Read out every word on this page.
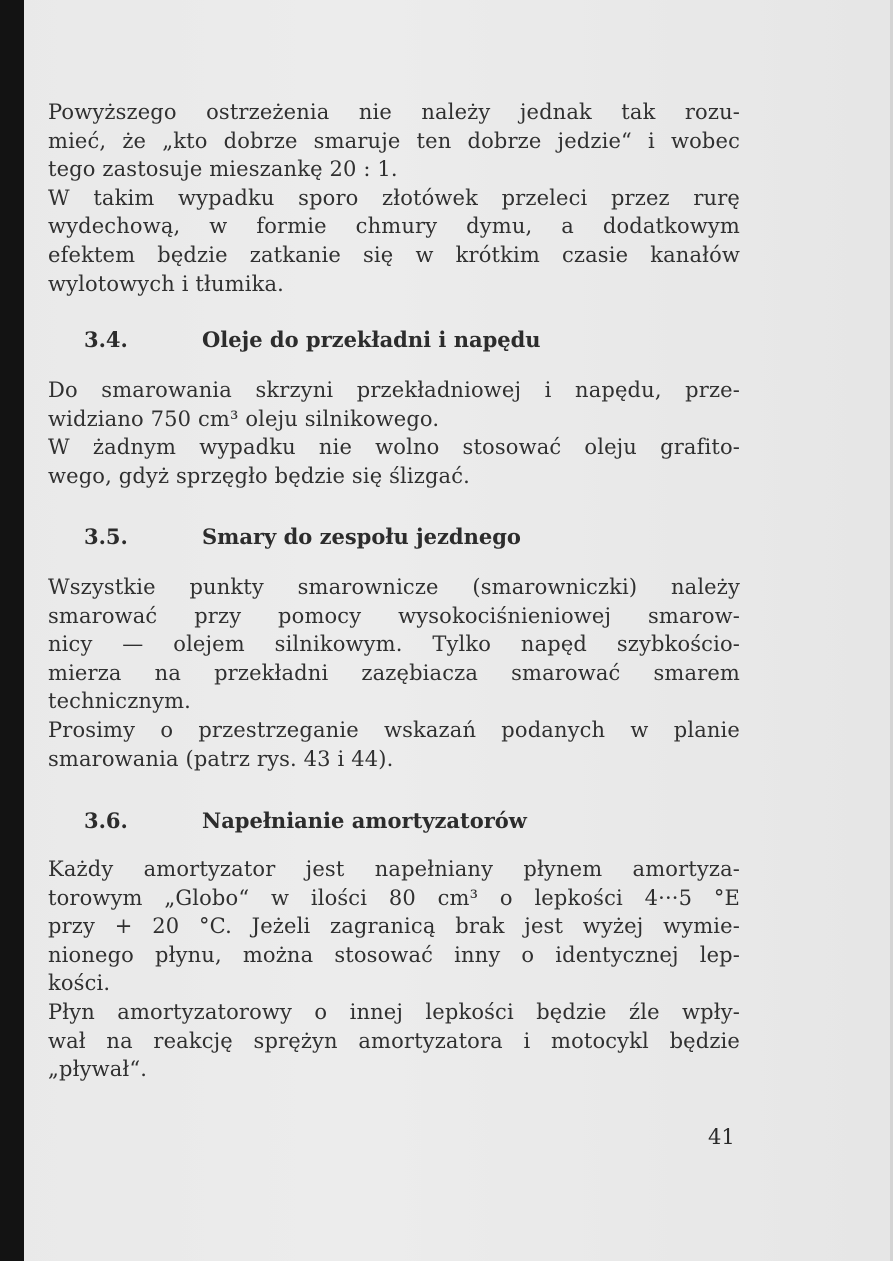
Powyższego ostrzeżenia nie należy jednak tak rozu-
mieć, że „kto dobrze smaruje ten dobrze jedzie“ i wobec
tego zastosuje mieszankę 20 : 1.
W takim wypadku sporo złotówek przeleci przez rurę
wydechową, w formie chmury dymu, a dodatkowym
efektem będzie zatkanie się w krótkim czasie kanałów
wylotowych i tłumika.

3.4.	Oleje do przekładni i napędu

Do smarowania skrzyni przekładniowej i napędu, prze-
widziano 750 cm³ oleju silnikowego.
W żadnym wypadku nie wolno stosować oleju grafito-
wego, gdyż sprzęgło będzie się ślizgać.

3.5.	Smary do zespołu jezdnego

Wszystkie punkty smarownicze (smarowniczki) należy
smarować przy pomocy wysokociśnieniowej smarow-
nicy — olejem silnikowym. Tylko napęd szybkościo-
mierza na przekładni zazębiacza smarować smarem
technicznym.
Prosimy o przestrzeganie wskazań podanych w planie
smarowania (patrz rys. 43 i 44).

3.6.	Napełnianie amortyzatorów

Każdy amortyzator jest napełniany płynem amortyza-
torowym „Globo“ w ilości 80 cm³ o lepkości 4···5 °E
przy + 20 °C. Jeżeli zagranicą brak jest wyżej wymie-
nionego płynu, można stosować inny o identycznej lep-
kości.
Płyn amortyzatorowy o innej lepkości będzie źle wpły-
wał na reakcję sprężyn amortyzatora i motocykl będzie
„pływał“.

41
